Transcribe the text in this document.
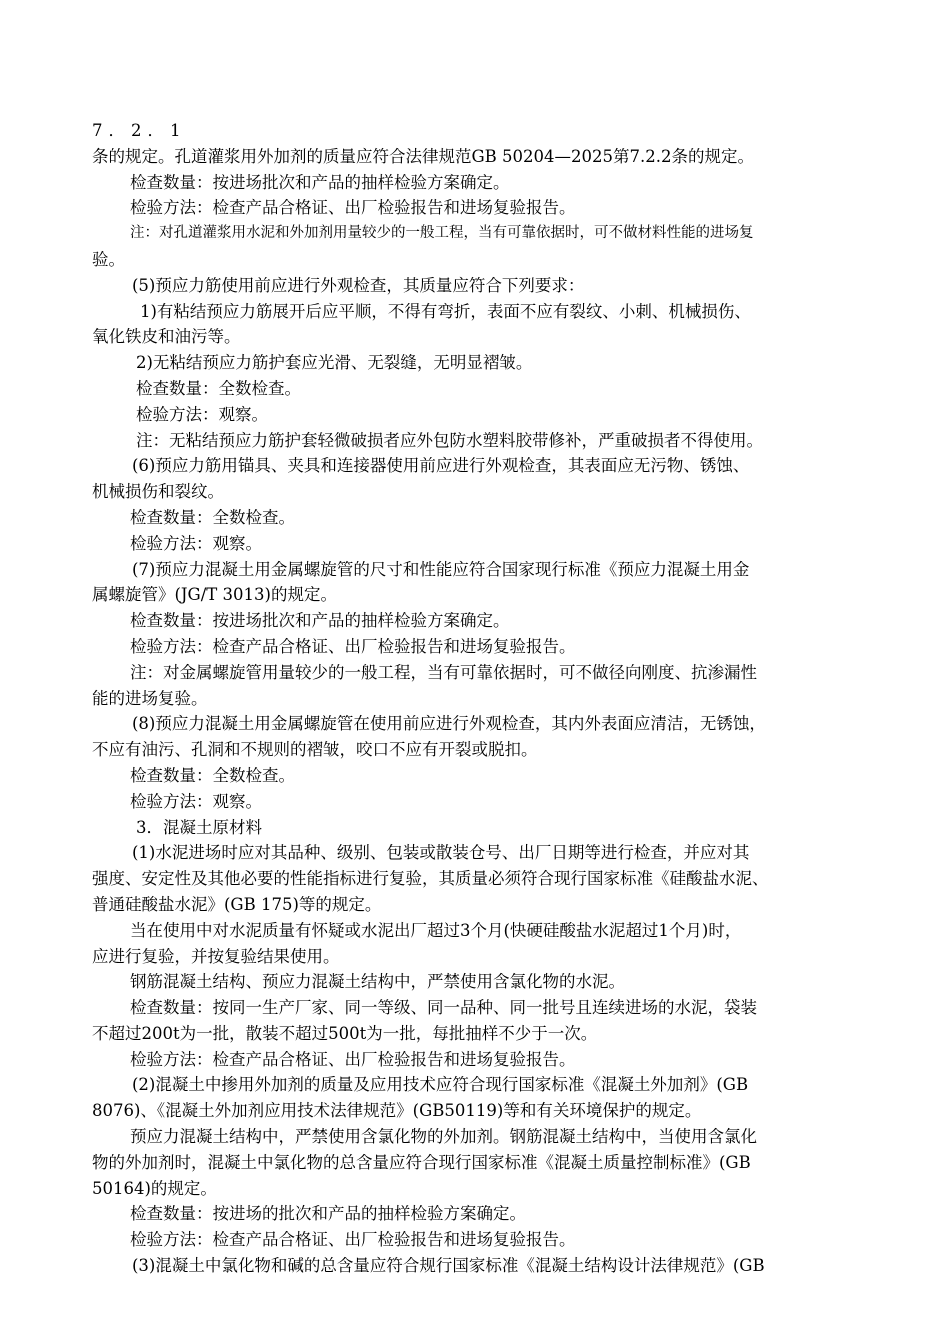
7．2．1
条的规定。孔道灌浆用外加剂的质量应符合法律规范GB 50204—2025第7.2.2条的规定。
检查数量：按进场批次和产品的抽样检验方案确定。
检验方法：检查产品合格证、出厂检验报告和进场复验报告。
注：对孔道灌浆用水泥和外加剂用量较少的一般工程，当有可靠依据时，可不做材料性能的进场复
验。
(5)预应力筋使用前应进行外观检查，其质量应符合下列要求：
1)有粘结预应力筋展开后应平顺，不得有弯折，表面不应有裂纹、小刺、机械损伤、
氧化铁皮和油污等。
2)无粘结预应力筋护套应光滑、无裂缝，无明显褶皱。
检查数量：全数检查。
检验方法：观察。
注：无粘结预应力筋护套轻微破损者应外包防水塑料胶带修补，严重破损者不得使用。
(6)预应力筋用锚具、夹具和连接器使用前应进行外观检查，其表面应无污物、锈蚀、
机械损伤和裂纹。
检查数量：全数检查。
检验方法：观察。
(7)预应力混凝土用金属螺旋管的尺寸和性能应符合国家现行标准《预应力混凝土用金
属螺旋管》(JG/T 3013)的规定。
检查数量：按进场批次和产品的抽样检验方案确定。
检验方法：检查产品合格证、出厂检验报告和进场复验报告。
注：对金属螺旋管用量较少的一般工程，当有可靠依据时，可不做径向刚度、抗渗漏性
能的进场复验。
(8)预应力混凝土用金属螺旋管在使用前应进行外观检查，其内外表面应清洁，无锈蚀，
不应有油污、孔洞和不规则的褶皱，咬口不应有开裂或脱扣。
检查数量：全数检查。
检验方法：观察。
3．混凝土原材料
(1)水泥进场时应对其品种、级别、包装或散装仓号、出厂日期等进行检查，并应对其
强度、安定性及其他必要的性能指标进行复验，其质量必须符合现行国家标准《硅酸盐水泥、
普通硅酸盐水泥》(GB 175)等的规定。
当在使用中对水泥质量有怀疑或水泥出厂超过3个月(快硬硅酸盐水泥超过1个月)时，
应进行复验，并按复验结果使用。
钢筋混凝土结构、预应力混凝土结构中，严禁使用含氯化物的水泥。
检查数量：按同一生产厂家、同一等级、同一品种、同一批号且连续进场的水泥，袋装
不超过200t为一批，散装不超过500t为一批，每批抽样不少于一次。
检验方法：检查产品合格证、出厂检验报告和进场复验报告。
(2)混凝土中掺用外加剂的质量及应用技术应符合现行国家标准《混凝土外加剂》(GB
8076)、《混凝土外加剂应用技术法律规范》(GB50119)等和有关环境保护的规定。
预应力混凝土结构中，严禁使用含氯化物的外加剂。钢筋混凝土结构中，当使用含氯化
物的外加剂时，混凝土中氯化物的总含量应符合现行国家标准《混凝土质量控制标准》(GB
50164)的规定。
检查数量：按进场的批次和产品的抽样检验方案确定。
检验方法：检查产品合格证、出厂检验报告和进场复验报告。
(3)混凝土中氯化物和碱的总含量应符合规行国家标准《混凝土结构设计法律规范》(GB
